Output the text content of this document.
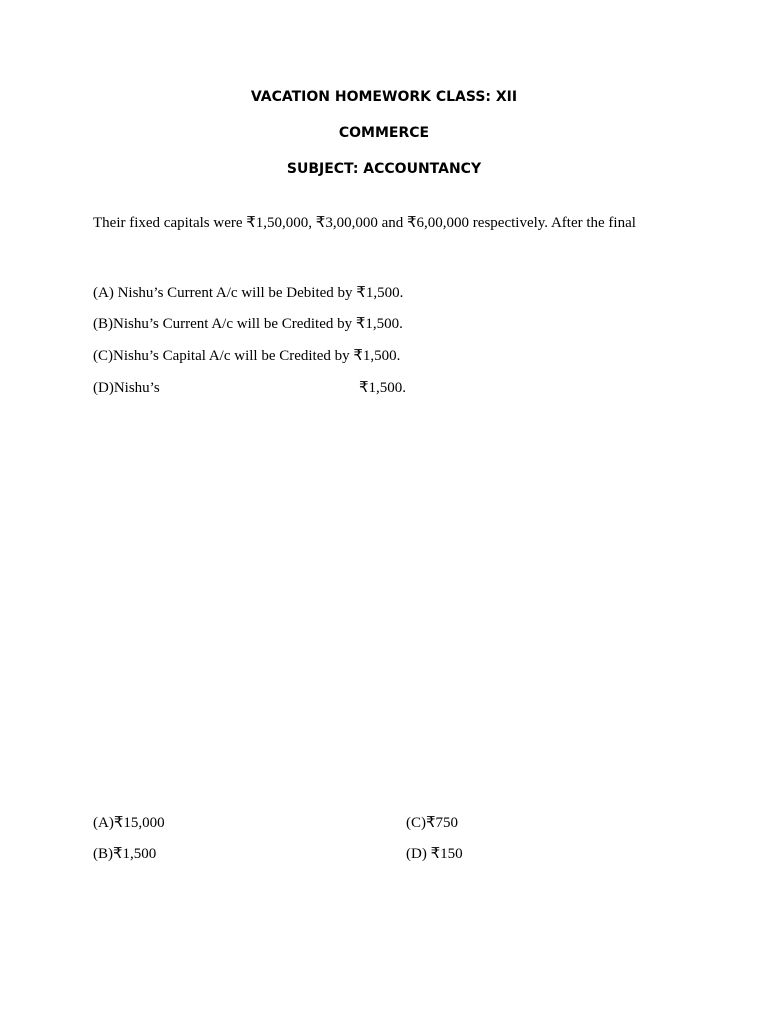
VACATION HOMEWORK CLASS: XII
COMMERCE
SUBJECT: ACCOUNTANCY

Their fixed capitals were ₹1,50,000, ₹3,00,000 and ₹6,00,000 respectively. After the final

(A) Nishu’s Current A/c will be Debited by ₹1,500.

(B)Nishu’s Current A/c will be Credited by ₹1,500.

(C)Nishu’s Capital A/c will be Credited by ₹1,500.

(D)Nishu’s	₹1,500.

(A)₹15,000	(C)₹750

(B)₹1,500	(D) ₹150
